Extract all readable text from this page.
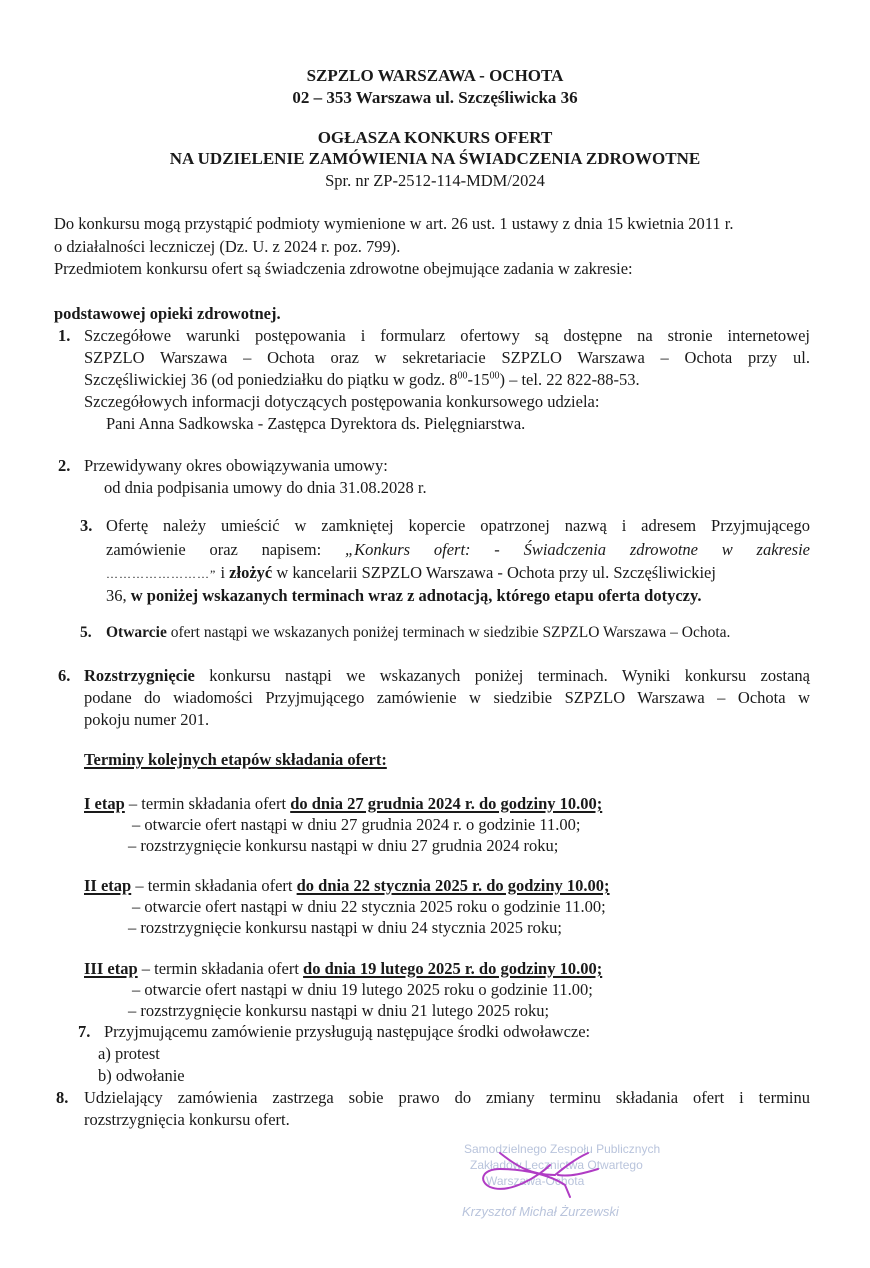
SZPZLO WARSZAWA - OCHOTA
02 – 353 Warszawa ul. Szczęśliwicka 36
OGŁASZA KONKURS OFERT
NA UDZIELENIE ZAMÓWIENIA NA ŚWIADCZENIA ZDROWOTNE
Spr. nr ZP-2512-114-MDM/2024
Do konkursu mogą przystąpić podmioty wymienione w art. 26 ust. 1 ustawy z dnia 15 kwietnia 2011 r.
o działalności leczniczej (Dz. U. z 2024 r. poz. 799).
Przedmiotem konkursu ofert są świadczenia zdrowotne obejmujące zadania w zakresie:
podstawowej opieki zdrowotnej.
1. Szczegółowe warunki postępowania i formularz ofertowy są dostępne na stronie internetowej
SZPZLO Warszawa – Ochota oraz w sekretariacie SZPZLO Warszawa – Ochota przy ul.
Szczęśliwickiej 36 (od poniedziałku do piątku w godz. $8^{00}-15^{00}$) – tel. 22 822-88-53.
Szczegółowych informacji dotyczących postępowania konkursowego udziela:
Pani Anna Sadkowska - Zastępca Dyrektora ds. Pielęgniarstwa.
2. Przewidywany okres obowiązywania umowy:
od dnia podpisania umowy do dnia 31.08.2028 r.
3. Ofertę należy umieścić w zamkniętej kopercie opatrzonej nazwą i adresem Przyjmującego
zamówienie oraz napisem: „Konkurs ofert: - Świadczenia zdrowotne w zakresie
……………………” i złożyć w kancelarii SZPZLO Warszawa - Ochota przy ul. Szczęśliwickiej
36, w poniżej wskazanych terminach wraz z adnotacją, którego etapu oferta dotyczy.
5. Otwarcie ofert nastąpi we wskazanych poniżej terminach w siedzibie SZPZLO Warszawa – Ochota.
6. Rozstrzygnięcie konkursu nastąpi we wskazanych poniżej terminach. Wyniki konkursu zostaną
podane do wiadomości Przyjmującego zamówienie w siedzibie SZPZLO Warszawa – Ochota w
pokoju numer 201.
Terminy kolejnych etapów składania ofert:
I etap – termin składania ofert do dnia 27 grudnia 2024 r. do godziny 10.00;
– otwarcie ofert nastąpi w dniu 27 grudnia 2024 r. o godzinie 11.00;
– rozstrzygnięcie konkursu nastąpi w dniu 27 grudnia 2024 roku;
II etap – termin składania ofert do dnia 22 stycznia 2025 r. do godziny 10.00;
– otwarcie ofert nastąpi w dniu 22 stycznia 2025 roku o godzinie 11.00;
– rozstrzygnięcie konkursu nastąpi w dniu 24 stycznia 2025 roku;
III etap – termin składania ofert do dnia 19 lutego 2025 r. do godziny 10.00;
– otwarcie ofert nastąpi w dniu 19 lutego 2025 roku o godzinie 11.00;
– rozstrzygnięcie konkursu nastąpi w dniu 21 lutego 2025 roku;
7. Przyjmującemu zamówienie przysługują następujące środki odwoławcze:
a) protest
b) odwołanie
8. Udzielający zamówienia zastrzega sobie prawo do zmiany terminu składania ofert i terminu
rozstrzygnięcia konkursu ofert.
Samodzielnego Zespołu Publicznych
Zakładów Lecznictwa Otwartego
Warszawa-Ochota
Krzysztof Michał Żurzewski
